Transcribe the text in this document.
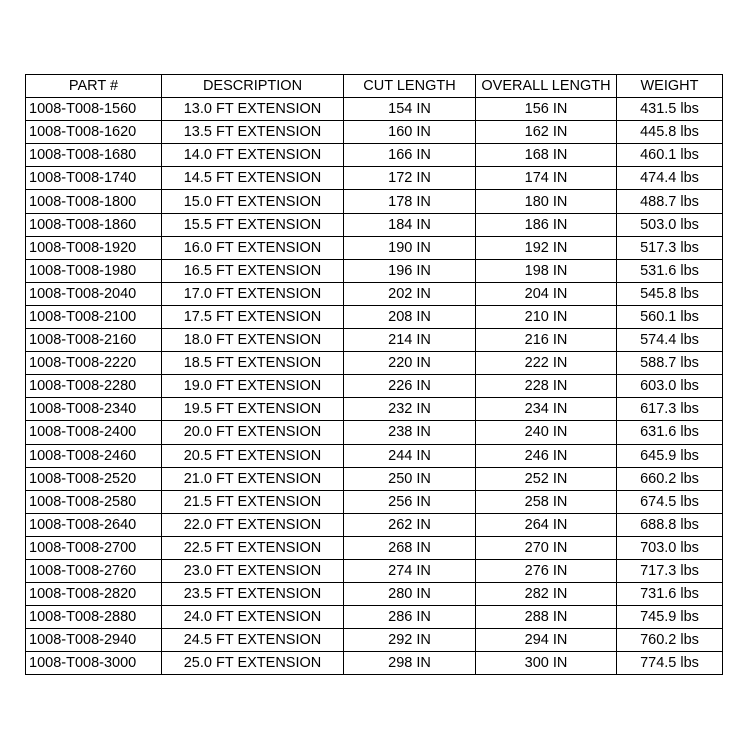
PART #	DESCRIPTION	CUT LENGTH	OVERALL LENGTH	WEIGHT
1008-T008-1560	13.0 FT EXTENSION	154 IN	156 IN	431.5 lbs
1008-T008-1620	13.5 FT EXTENSION	160 IN	162 IN	445.8 lbs
1008-T008-1680	14.0 FT EXTENSION	166 IN	168 IN	460.1 lbs
1008-T008-1740	14.5 FT EXTENSION	172 IN	174 IN	474.4 lbs
1008-T008-1800	15.0 FT EXTENSION	178 IN	180 IN	488.7 lbs
1008-T008-1860	15.5 FT EXTENSION	184 IN	186 IN	503.0 lbs
1008-T008-1920	16.0 FT EXTENSION	190 IN	192 IN	517.3 lbs
1008-T008-1980	16.5 FT EXTENSION	196 IN	198 IN	531.6 lbs
1008-T008-2040	17.0 FT EXTENSION	202 IN	204 IN	545.8 lbs
1008-T008-2100	17.5 FT EXTENSION	208 IN	210 IN	560.1 lbs
1008-T008-2160	18.0 FT EXTENSION	214 IN	216 IN	574.4 lbs
1008-T008-2220	18.5 FT EXTENSION	220 IN	222 IN	588.7 lbs
1008-T008-2280	19.0 FT EXTENSION	226 IN	228 IN	603.0 lbs
1008-T008-2340	19.5 FT EXTENSION	232 IN	234 IN	617.3 lbs
1008-T008-2400	20.0 FT EXTENSION	238 IN	240 IN	631.6 lbs
1008-T008-2460	20.5 FT EXTENSION	244 IN	246 IN	645.9 lbs
1008-T008-2520	21.0 FT EXTENSION	250 IN	252 IN	660.2 lbs
1008-T008-2580	21.5 FT EXTENSION	256 IN	258 IN	674.5 lbs
1008-T008-2640	22.0 FT EXTENSION	262 IN	264 IN	688.8 lbs
1008-T008-2700	22.5 FT EXTENSION	268 IN	270 IN	703.0 lbs
1008-T008-2760	23.0 FT EXTENSION	274 IN	276 IN	717.3 lbs
1008-T008-2820	23.5 FT EXTENSION	280 IN	282 IN	731.6 lbs
1008-T008-2880	24.0 FT EXTENSION	286 IN	288 IN	745.9 lbs
1008-T008-2940	24.5 FT EXTENSION	292 IN	294 IN	760.2 lbs
1008-T008-3000	25.0 FT EXTENSION	298 IN	300 IN	774.5 lbs
